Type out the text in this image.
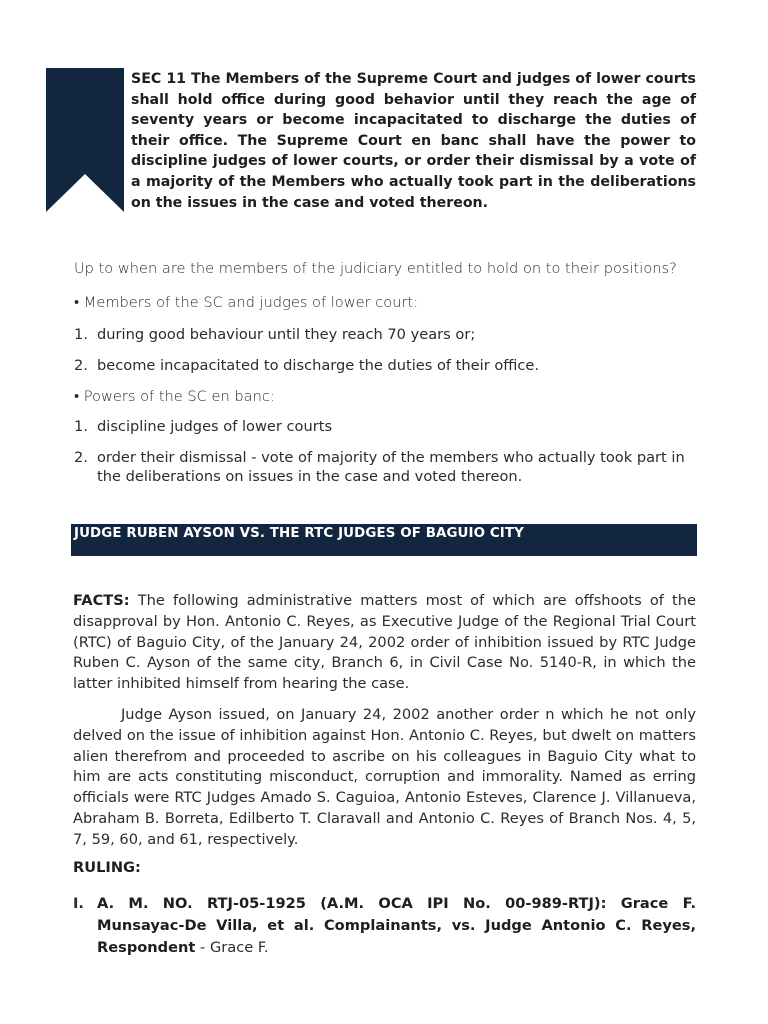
SEC 11 The Members of the Supreme Court and judges of lower courts shall hold office during good behavior until they reach the age of seventy years or become incapacitated to discharge the duties of their office. The Supreme Court en banc shall have the power to discipline judges of lower courts, or order their dismissal by a vote of a majority of the Members who actually took part in the deliberations on the issues in the case and voted thereon.
Up to when are the members of the judiciary entitled to hold on to their positions?
• Members of the SC and judges of lower court:
1. during good behaviour until they reach 70 years or;
2. become incapacitated to discharge the duties of their office.
• Powers of the SC en banc:
1. discipline judges of lower courts
2. order their dismissal - vote of majority of the members who actually took part in the deliberations on issues in the case and voted thereon.
JUDGE RUBEN AYSON VS. THE RTC JUDGES OF BAGUIO CITY
FACTS: The following administrative matters most of which are offshoots of the disapproval by Hon. Antonio C. Reyes, as Executive Judge of the Regional Trial Court (RTC) of Baguio City, of the January 24, 2002 order of inhibition issued by RTC Judge Ruben C. Ayson of the same city, Branch 6, in Civil Case No. 5140-R, in which the latter inhibited himself from hearing the case.
Judge Ayson issued, on January 24, 2002 another order n which he not only delved on the issue of inhibition against Hon. Antonio C. Reyes, but dwelt on matters alien therefrom and proceeded to ascribe on his colleagues in Baguio City what to him are acts constituting misconduct, corruption and immorality. Named as erring officials were RTC Judges Amado S. Caguioa, Antonio Esteves, Clarence J. Villanueva, Abraham B. Borreta, Edilberto T. Claravall and Antonio C. Reyes of Branch Nos. 4, 5, 7, 59, 60, and 61, respectively.
RULING:
I. A. M. NO. RTJ-05-1925 (A.M. OCA IPI No. 00-989-RTJ): Grace F. Munsayac-De Villa, et al. Complainants, vs. Judge Antonio C. Reyes, Respondent - Grace F.
